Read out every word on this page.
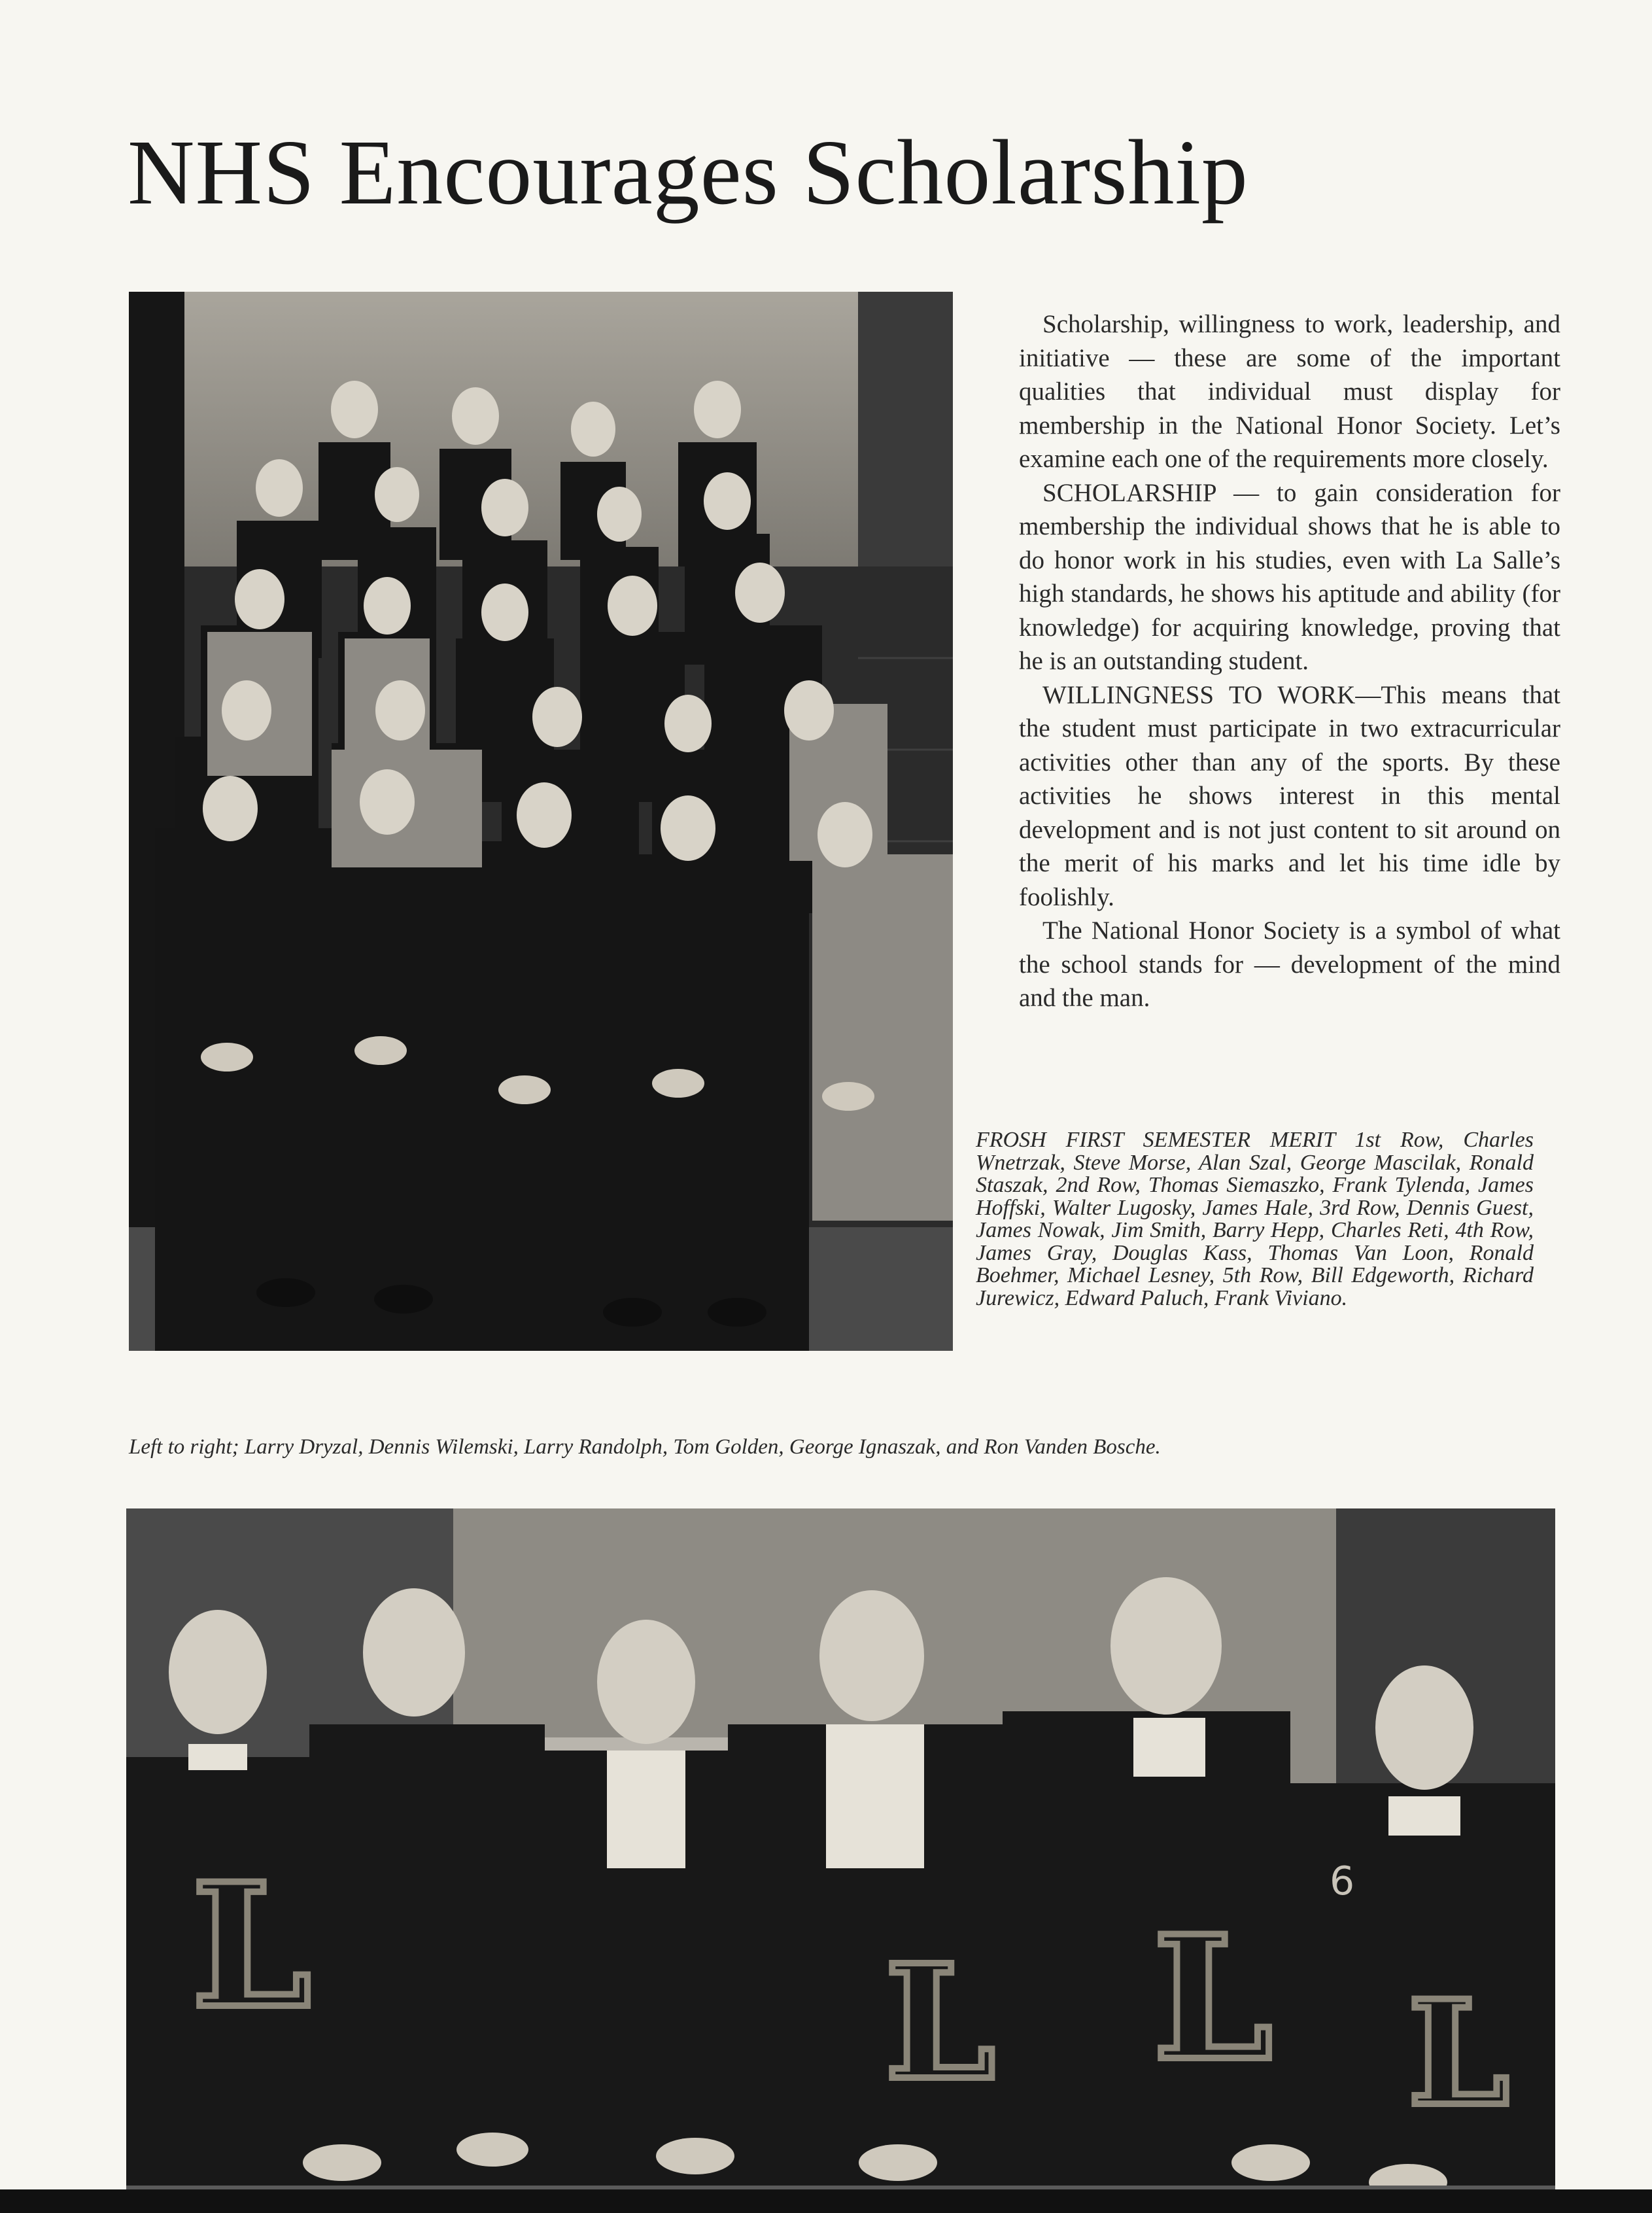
NHS Encourages Scholarship

Scholarship, willingness to work, leadership, and initiative — these are some of the important qualities that individual must display for membership in the National Honor Society. Let’s examine each one of the requirements more closely.

SCHOLARSHIP — to gain consideration for membership the individual shows that he is able to do honor work in his studies, even with La Salle’s high standards, he shows his aptitude and ability (for knowledge) for acquiring knowledge, proving that he is an outstanding student.

WILLINGNESS TO WORK—This means that the student must participate in two extracurricular activities other than any of the sports. By these activities he shows interest in this mental development and is not just content to sit around on the merit of his marks and let his time idle by foolishly.

The National Honor Society is a symbol of what the school stands for — development of the mind and the man.

FROSH FIRST SEMESTER MERIT 1st Row, Charles Wnetrzak, Steve Morse, Alan Szal, George Mascilak, Ronald Staszak, 2nd Row, Thomas Siemaszko, Frank Tylenda, James Hoffski, Walter Lugosky, James Hale, 3rd Row, Dennis Guest, James Nowak, Jim Smith, Barry Hepp, Charles Reti, 4th Row, James Gray, Douglas Kass, Thomas Van Loon, Ronald Boehmer, Michael Lesney, 5th Row, Bill Edgeworth, Richard Jurewicz, Edward Paluch, Frank Viviano.

Left to right; Larry Dryzal, Dennis Wilemski, Larry Randolph, Tom Golden, George Ignaszak, and Ron Vanden Bosche.

L	L L L
6
